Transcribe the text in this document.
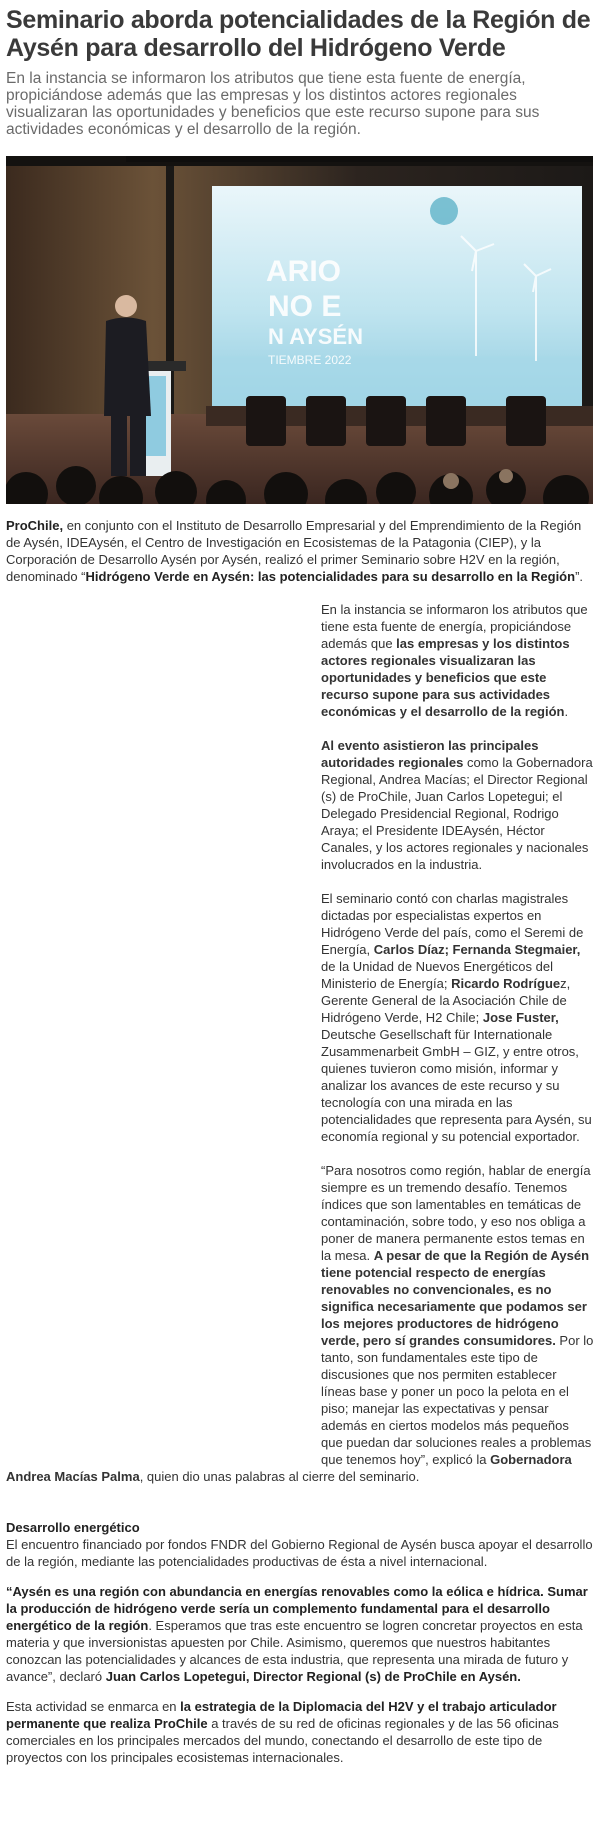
Seminario aborda potencialidades de la Región de Aysén para desarrollo del Hidrógeno Verde

En la instancia se informaron los atributos que tiene esta fuente de energía, propiciándose además que las empresas y los distintos actores regionales visualizaran las oportunidades y beneficios que este recurso supone para sus actividades económicas y el desarrollo de la región.

ARIO
NO E
N AYSÉN
TIEMBRE 2022

ProChile, en conjunto con el Instituto de Desarrollo Empresarial y del Emprendimiento de la Región de Aysén, IDEAysén, el Centro de Investigación en Ecosistemas de la Patagonia (CIEP), y la Corporación de Desarrollo Aysén por Aysén, realizó el primer Seminario sobre H2V en la región, denominado “Hidrógeno Verde en Aysén: las potencialidades para su desarrollo en la Región”.

En la instancia se informaron los atributos que tiene esta fuente de energía, propiciándose además que las empresas y los distintos actores regionales visualizaran las oportunidades y beneficios que este recurso supone para sus actividades económicas y el desarrollo de la región.

Al evento asistieron las principales autoridades regionales como la Gobernadora Regional, Andrea Macías; el Director Regional (s) de ProChile, Juan Carlos Lopetegui; el Delegado Presidencial Regional, Rodrigo Araya; el Presidente IDEAysén, Héctor Canales, y los actores regionales y nacionales involucrados en la industria.

El seminario contó con charlas magistrales dictadas por especialistas expertos en Hidrógeno Verde del país, como el Seremi de Energía, Carlos Díaz; Fernanda Stegmaier, de la Unidad de Nuevos Energéticos del Ministerio de Energía; Ricardo Rodríguez, Gerente General de la Asociación Chile de Hidrógeno Verde, H2 Chile; Jose Fuster, Deutsche Gesellschaft für Internationale Zusammenarbeit GmbH – GIZ, y entre otros, quienes tuvieron como misión, informar y analizar los avances de este recurso y su tecnología con una mirada en las potencialidades que representa para Aysén, su economía regional y su potencial exportador.

“Para nosotros como región, hablar de energía siempre es un tremendo desafío. Tenemos índices que son lamentables en temáticas de contaminación, sobre todo, y eso nos obliga a poner de manera permanente estos temas en la mesa. A pesar de que la Región de Aysén tiene potencial respecto de energías renovables no convencionales, es no significa necesariamente que podamos ser los mejores productores de hidrógeno verde, pero sí grandes consumidores. Por lo tanto, son fundamentales este tipo de discusiones que nos permiten establecer líneas base y poner un poco la pelota en el piso; manejar las expectativas y pensar además en ciertos modelos más pequeños que puedan dar soluciones reales a problemas que tenemos hoy”, explicó la Gobernadora Andrea Macías Palma, quien dio unas palabras al cierre del seminario.

Desarrollo energético

El encuentro financiado por fondos FNDR del Gobierno Regional de Aysén busca apoyar el desarrollo de la región, mediante las potencialidades productivas de ésta a nivel internacional.

“Aysén es una región con abundancia en energías renovables como la eólica e hídrica. Sumar la producción de hidrógeno verde sería un complemento fundamental para el desarrollo energético de la región. Esperamos que tras este encuentro se logren concretar proyectos en esta materia y que inversionistas apuesten por Chile. Asimismo, queremos que nuestros habitantes conozcan las potencialidades y alcances de esta industria, que representa una mirada de futuro y avance”, declaró Juan Carlos Lopetegui, Director Regional (s) de ProChile en Aysén.

Esta actividad se enmarca en la estrategia de la Diplomacia del H2V y el trabajo articulador permanente que realiza ProChile a través de su red de oficinas regionales y de las 56 oficinas comerciales en los principales mercados del mundo, conectando el desarrollo de este tipo de proyectos con los principales ecosistemas internacionales.
